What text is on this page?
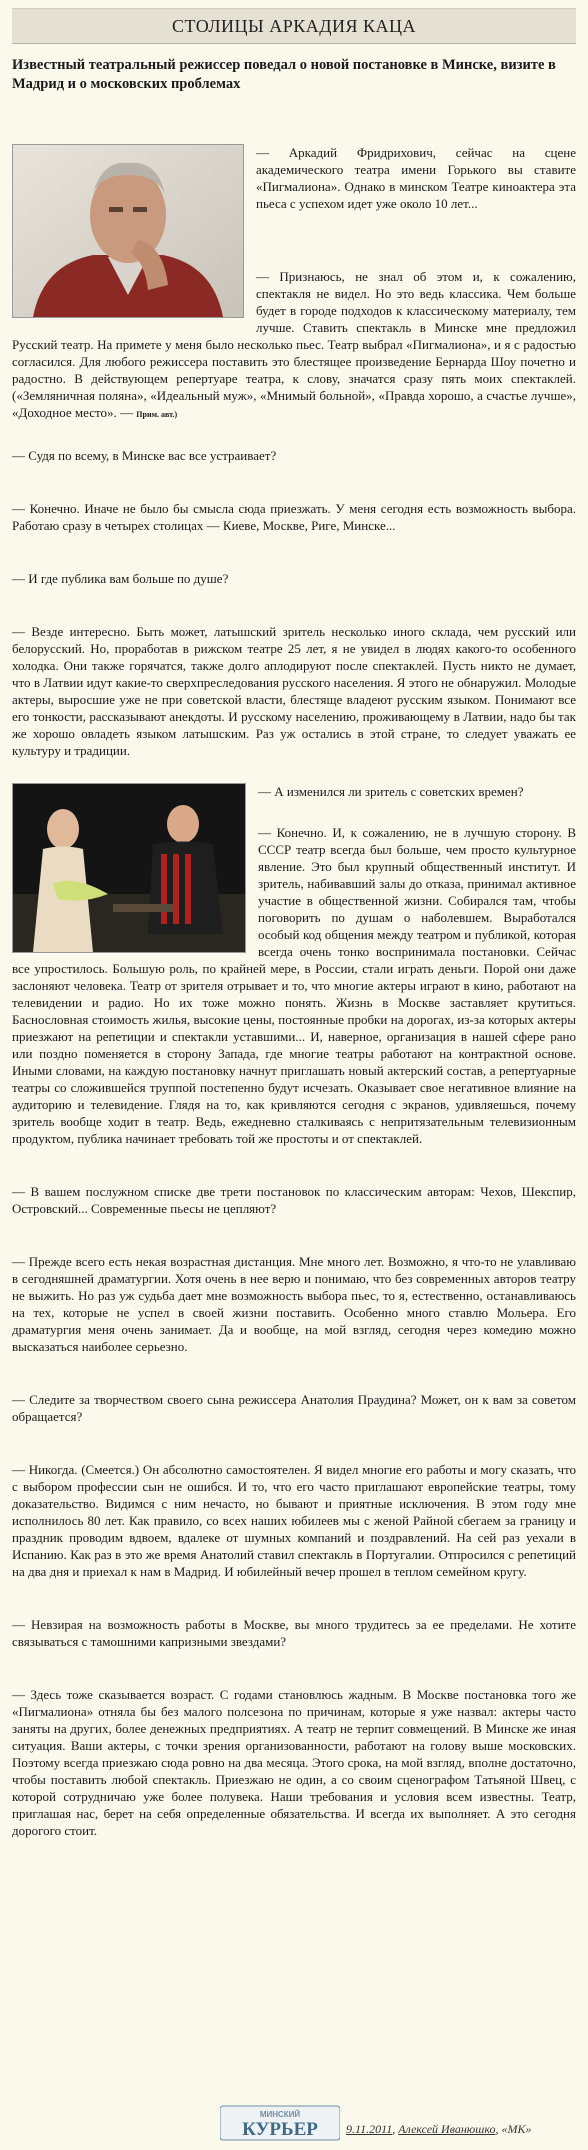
СТОЛИЦЫ АРКАДИЯ КАЦА
Известный театральный режиссер поведал о новой постановке в Минске, визите в Мадрид и о московских проблемах

— Аркадий Фридрихович, сейчас на сцене академического театра имени Горького вы ставите «Пигмалиона». Однако в минском Театре киноактера эта пьеса с успехом идет уже около 10 лет...

— Признаюсь, не знал об этом и, к сожалению, спектакля не видел. Но это ведь классика. Чем больше будет в городе подходов к классическому материалу, тем лучше. Ставить спектакль в Минске мне предложил Русский театр. На примете у меня было несколько пьес. Театр выбрал «Пигмалиона», и я с радостью согласился. Для любого режиссера поставить это блестящее произведение Бернарда Шоу почетно и радостно. В действующем репертуаре театра, к слову, значатся сразу пять моих спектаклей. («Земляничная поляна», «Идеальный муж», «Мнимый больной», «Правда хорошо, а счастье лучше», «Доходное место». — Прим. авт.)

— Судя по всему, в Минске вас все устраивает?

— Конечно. Иначе не было бы смысла сюда приезжать. У меня сегодня есть возможность выбора. Работаю сразу в четырех столицах — Киеве, Москве, Риге, Минске...

— И где публика вам больше по душе?

— Везде интересно. Быть может, латышский зритель несколько иного склада, чем русский или белорусский. Но, проработав в рижском театре 25 лет, я не увидел в людях какого-то особенного холодка. Они также горячатся, также долго аплодируют после спектаклей. Пусть никто не думает, что в Латвии идут какие-то сверхпреследования русского населения. Я этого не обнаружил. Молодые актеры, выросшие уже не при советской власти, блестяще владеют русским языком. Понимают все его тонкости, рассказывают анекдоты. И русскому населению, проживающему в Латвии, надо бы так же хорошо овладеть языком латышским. Раз уж остались в этой стране, то следует уважать ее культуру и традиции.

— А изменился ли зритель с советских времен?

— Конечно. И, к сожалению, не в лучшую сторону. В СССР театр всегда был больше, чем просто культурное явление. Это был крупный общественный институт. И зритель, набивавший залы до отказа, принимал активное участие в общественной жизни. Собирался там, чтобы поговорить по душам о наболевшем. Выработался особый код общения между театром и публикой, которая всегда очень тонко воспринимала постановки. Сейчас все упростилось. Большую роль, по крайней мере, в России, стали играть деньги. Порой они даже заслоняют человека. Театр от зрителя отрывает и то, что многие актеры играют в кино, работают на телевидении и радио. Но их тоже можно понять. Жизнь в Москве заставляет крутиться. Баснословная стоимость жилья, высокие цены, постоянные пробки на дорогах, из-за которых актеры приезжают на репетиции и спектакли уставшими... И, наверное, организация в нашей сфере рано или поздно поменяется в сторону Запада, где многие театры работают на контрактной основе. Иными словами, на каждую постановку начнут приглашать новый актерский состав, а репертуарные театры со сложившейся труппой постепенно будут исчезать. Оказывает свое негативное влияние на аудиторию и телевидение. Глядя на то, как кривляются сегодня с экранов, удивляешься, почему зритель вообще ходит в театр. Ведь, ежедневно сталкиваясь с непритязательным телевизионным продуктом, публика начинает требовать той же простоты и от спектаклей.

— В вашем послужном списке две трети постановок по классическим авторам: Чехов, Шекспир, Островский... Современные пьесы не цепляют?

— Прежде всего есть некая возрастная дистанция. Мне много лет. Возможно, я что-то не улавливаю в сегодняшней драматургии. Хотя очень в нее верю и понимаю, что без современных авторов театру не выжить. Но раз уж судьба дает мне возможность выбора пьес, то я, естественно, останавливаюсь на тех, которые не успел в своей жизни поставить. Особенно много ставлю Мольера. Его драматургия меня очень занимает. Да и вообще, на мой взгляд, сегодня через комедию можно высказаться наиболее серьезно.

— Следите за творчеством своего сына режиссера Анатолия Праудина? Может, он к вам за советом обращается?

— Никогда. (Смеется.) Он абсолютно самостоятелен. Я видел многие его работы и могу сказать, что с выбором профессии сын не ошибся. И то, что его часто приглашают европейские театры, тому доказательство. Видимся с ним нечасто, но бывают и приятные исключения. В этом году мне исполнилось 80 лет. Как правило, со всех наших юбилеев мы с женой Райной сбегаем за границу и праздник проводим вдвоем, вдалеке от шумных компаний и поздравлений. На сей раз уехали в Испанию. Как раз в это же время Анатолий ставил спектакль в Португалии. Отпросился с репетиций на два дня и приехал к нам в Мадрид. И юбилейный вечер прошел в теплом семейном кругу.

— Невзирая на возможность работы в Москве, вы много трудитесь за ее пределами. Не хотите связываться с тамошними капризными звездами?

— Здесь тоже сказывается возраст. С годами становлюсь жадным. В Москве постановка того же «Пигмалиона» отняла бы без малого полсезона по причинам, которые я уже назвал: актеры часто заняты на других, более денежных предприятиях. А театр не терпит совмещений. В Минске же иная ситуация. Ваши актеры, с точки зрения организованности, работают на голову выше московских. Поэтому всегда приезжаю сюда ровно на два месяца. Этого срока, на мой взгляд, вполне достаточно, чтобы поставить любой спектакль. Приезжаю не один, а со своим сценографом Татьяной Швец, с которой сотрудничаю уже более полувека. Наши требования и условия всем известны. Театр, приглашая нас, берет на себя определенные обязательства. И всегда их выполняет. А это сегодня дорогого стоит.

МИНСКИЙ
КУРЬЕР 9.11.2011, Алексей Иванюшко, «МК»
